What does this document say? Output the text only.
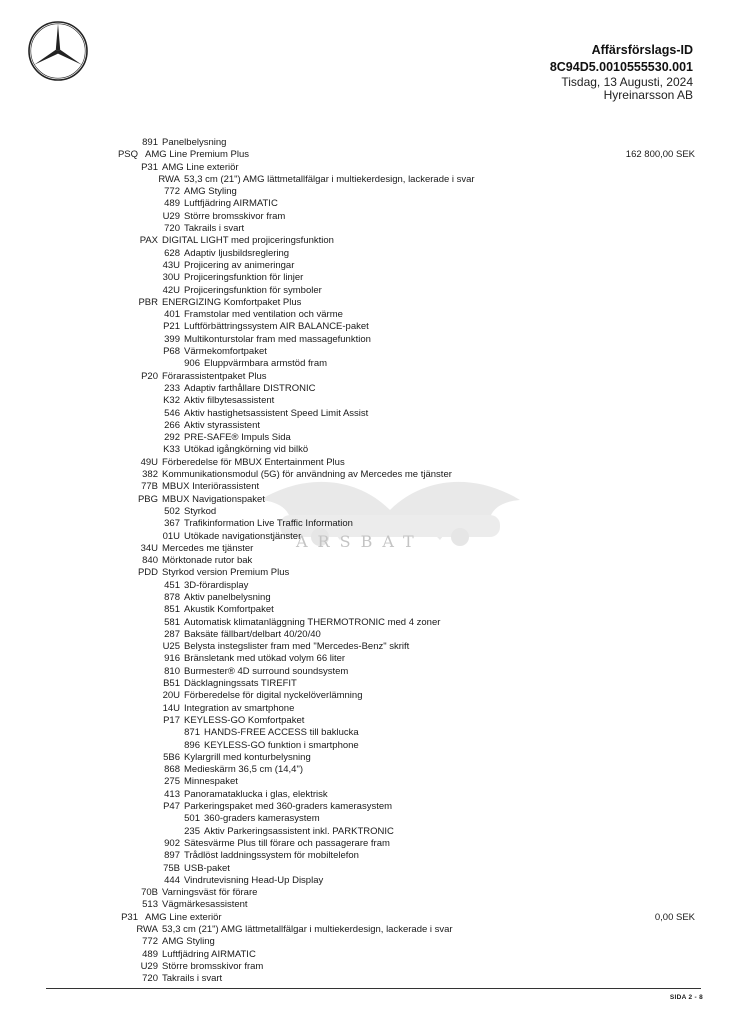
Affärsförslags-ID
8C94D5.0010555530.001
Tisdag, 13 Augusti, 2024
Hyreinarsson AB
ARSBAT
891 Panelbelysning
PSQ AMG Line Premium Plus	162 800,00 SEK
P31 AMG Line exteriör
RWA 53,3 cm (21") AMG lättmetallfälgar i multiekerdesign, lackerade i svar
772 AMG Styling
489 Luftfjädring AIRMATIC
U29 Större bromsskivor fram
720 Takrails i svart
PAX DIGITAL LIGHT med projiceringsfunktion
628 Adaptiv ljusbildsreglering
43U Projicering av animeringar
30U Projiceringsfunktion för linjer
42U Projiceringsfunktion för symboler
PBR ENERGIZING Komfortpaket Plus
401 Framstolar med ventilation och värme
P21 Luftförbättringssystem AIR BALANCE-paket
399 Multikonturstolar fram med massagefunktion
P68 Värmekomfortpaket
906 Eluppvärmbara armstöd fram
P20 Förarassistentpaket Plus
233 Adaptiv farthållare DISTRONIC
K32 Aktiv filbytesassistent
546 Aktiv hastighetsassistent Speed Limit Assist
266 Aktiv styrassistent
292 PRE-SAFE® Impuls Sida
K33 Utökad igångkörning vid bilkö
49U Förberedelse för MBUX Entertainment Plus
382 Kommunikationsmodul (5G) för användning av Mercedes me tjänster
77B MBUX Interiörassistent
PBG MBUX Navigationspaket
502 Styrkod
367 Trafikinformation Live Traffic Information
01U Utökade navigationstjänster
34U Mercedes me tjänster
840 Mörktonade rutor bak
PDD Styrkod version Premium Plus
451 3D-förardisplay
878 Aktiv panelbelysning
851 Akustik Komfortpaket
581 Automatisk klimatanläggning THERMOTRONIC med 4 zoner
287 Baksäte fällbart/delbart 40/20/40
U25 Belysta instegslister fram med "Mercedes-Benz" skrift
916 Bränsletank med utökad volym 66 liter
810 Burmester® 4D surround soundsystem
B51 Däcklagningssats TIREFIT
20U Förberedelse för digital nyckelöverlämning
14U Integration av smartphone
P17 KEYLESS-GO Komfortpaket
871 HANDS-FREE ACCESS till baklucka
896 KEYLESS-GO funktion i smartphone
5B6 Kylargrill med konturbelysning
868 Medieskärm 36,5 cm (14,4")
275 Minnespaket
413 Panoramataklucka i glas, elektrisk
P47 Parkeringspaket med 360-graders kamerasystem
501 360-graders kamerasystem
235 Aktiv Parkeringsassistent inkl. PARKTRONIC
902 Sätesvärme Plus till förare och passagerare fram
897 Trådlöst laddningssystem för mobiltelefon
75B USB-paket
444 Vindrutevisning Head-Up Display
70B Varningsväst för förare
513 Vägmärkesassistent
P31 AMG Line exteriör	0,00 SEK
RWA 53,3 cm (21") AMG lättmetallfälgar i multiekerdesign, lackerade i svar
772 AMG Styling
489 Luftfjädring AIRMATIC
U29 Större bromsskivor fram
720 Takrails i svart
SIDA 2 - 8
